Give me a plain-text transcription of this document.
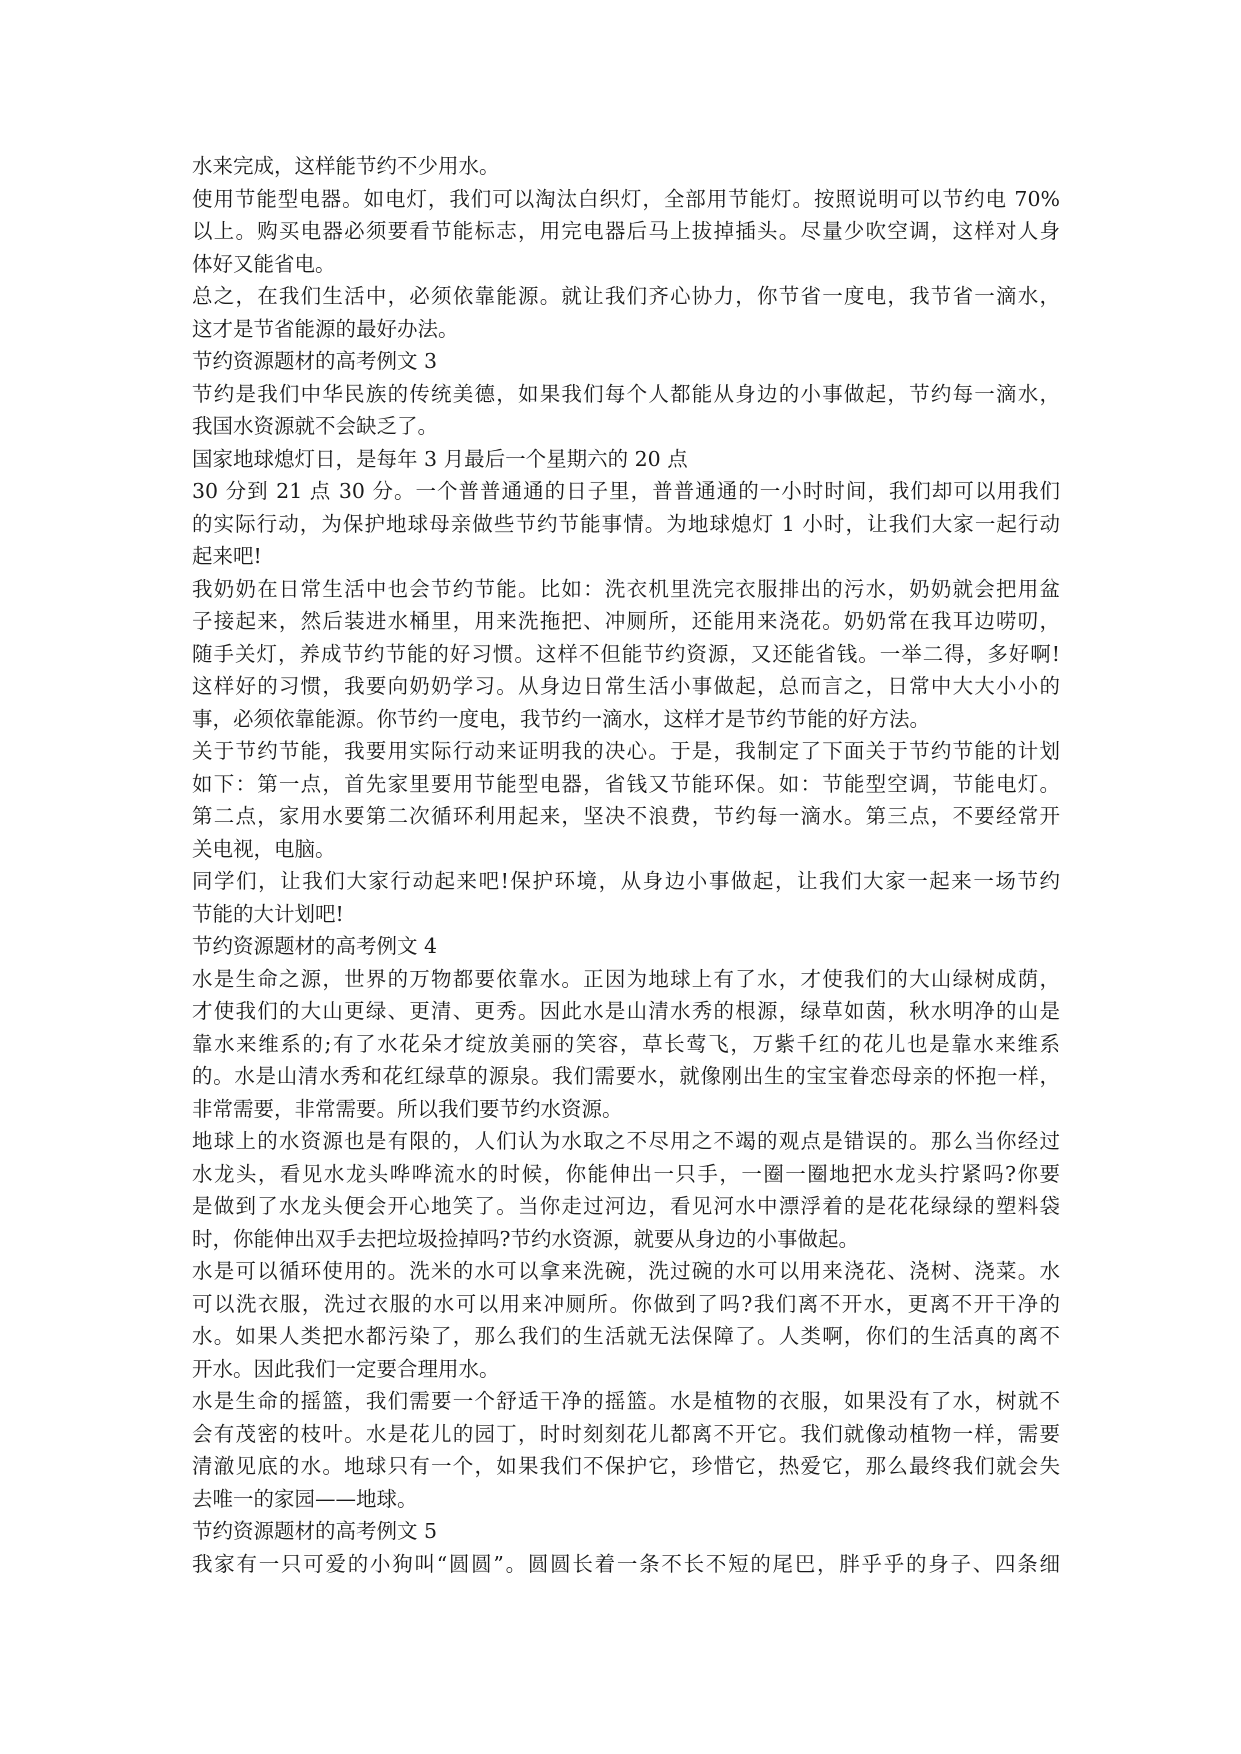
水来完成，这样能节约不少用水。
使用节能型电器。如电灯，我们可以淘汰白织灯，全部用节能灯。按照说明可以节约电 70%
以上。购买电器必须要看节能标志，用完电器后马上拔掉插头。尽量少吹空调，这样对人身
体好又能省电。
总之，在我们生活中，必须依靠能源。就让我们齐心协力，你节省一度电，我节省一滴水，
这才是节省能源的最好办法。
节约资源题材的高考例文 3
节约是我们中华民族的传统美德，如果我们每个人都能从身边的小事做起，节约每一滴水，
我国水资源就不会缺乏了。
国家地球熄灯日，是每年 3 月最后一个星期六的 20 点
30 分到 21 点 30 分。一个普普通通的日子里，普普通通的一小时时间，我们却可以用我们
的实际行动，为保护地球母亲做些节约节能事情。为地球熄灯 1 小时，让我们大家一起行动
起来吧!
我奶奶在日常生活中也会节约节能。比如：洗衣机里洗完衣服排出的污水，奶奶就会把用盆
子接起来，然后装进水桶里，用来洗拖把、冲厕所，还能用来浇花。奶奶常在我耳边唠叨，
随手关灯，养成节约节能的好习惯。这样不但能节约资源，又还能省钱。一举二得，多好啊!
这样好的习惯，我要向奶奶学习。从身边日常生活小事做起，总而言之，日常中大大小小的
事，必须依靠能源。你节约一度电，我节约一滴水，这样才是节约节能的好方法。
关于节约节能，我要用实际行动来证明我的决心。于是，我制定了下面关于节约节能的计划
如下：第一点，首先家里要用节能型电器，省钱又节能环保。如：节能型空调，节能电灯。
第二点，家用水要第二次循环利用起来，坚决不浪费，节约每一滴水。第三点，不要经常开
关电视，电脑。
同学们，让我们大家行动起来吧!保护环境，从身边小事做起，让我们大家一起来一场节约
节能的大计划吧!
节约资源题材的高考例文 4
水是生命之源，世界的万物都要依靠水。正因为地球上有了水，才使我们的大山绿树成荫，
才使我们的大山更绿、更清、更秀。因此水是山清水秀的根源，绿草如茵，秋水明净的山是
靠水来维系的;有了水花朵才绽放美丽的笑容，草长莺飞，万紫千红的花儿也是靠水来维系
的。水是山清水秀和花红绿草的源泉。我们需要水，就像刚出生的宝宝眷恋母亲的怀抱一样，
非常需要，非常需要。所以我们要节约水资源。
地球上的水资源也是有限的，人们认为水取之不尽用之不竭的观点是错误的。那么当你经过
水龙头，看见水龙头哗哗流水的时候，你能伸出一只手，一圈一圈地把水龙头拧紧吗?你要
是做到了水龙头便会开心地笑了。当你走过河边，看见河水中漂浮着的是花花绿绿的塑料袋
时，你能伸出双手去把垃圾捡掉吗?节约水资源，就要从身边的小事做起。
水是可以循环使用的。洗米的水可以拿来洗碗，洗过碗的水可以用来浇花、浇树、浇菜。水
可以洗衣服，洗过衣服的水可以用来冲厕所。你做到了吗?我们离不开水，更离不开干净的
水。如果人类把水都污染了，那么我们的生活就无法保障了。人类啊，你们的生活真的离不
开水。因此我们一定要合理用水。
水是生命的摇篮，我们需要一个舒适干净的摇篮。水是植物的衣服，如果没有了水，树就不
会有茂密的枝叶。水是花儿的园丁，时时刻刻花儿都离不开它。我们就像动植物一样，需要
清澈见底的水。地球只有一个，如果我们不保护它，珍惜它，热爱它，那么最终我们就会失
去唯一的家园——地球。
节约资源题材的高考例文 5
我家有一只可爱的小狗叫“圆圆”。圆圆长着一条不长不短的尾巴，胖乎乎的身子、四条细
